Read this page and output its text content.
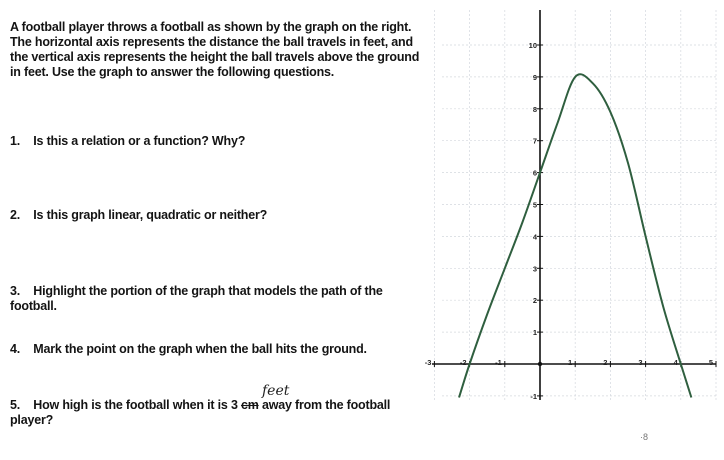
A football player throws a football as shown by the graph on the right. The horizontal axis represents the distance the ball travels in feet, and the vertical axis represents the height the ball travels above the ground in feet. Use the graph to answer the following questions.
1. Is this a relation or a function? Why?
2. Is this graph linear, quadratic or neither?
3. Highlight the portion of the graph that models the path of the football.
4. Mark the point on the graph when the ball hits the ground.
5. How high is the football when it is 3 cm away from the football player?
feet
-3	-2	-1	1	2	3	4	5
-1
1
2
3
4
5
6
7
8
9
10
·8
